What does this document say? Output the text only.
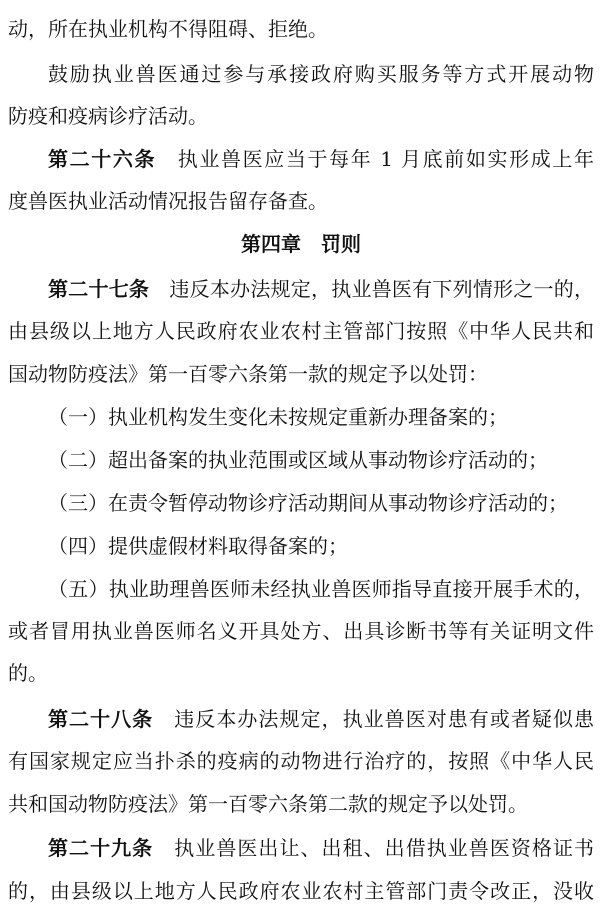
动，所在执业机构不得阻碍、拒绝。
鼓励执业兽医通过参与承接政府购买服务等方式开展动物
防疫和疫病诊疗活动。
第二十六条　 执业兽医应当于每年 1 月底前如实形成上年
度兽医执业活动情况报告留存备查。
第四章　罚则
第二十七条　 违反本办法规定，执业兽医有下列情形之一的，
由县级以上地方人民政府农业农村主管部门按照《中华人民共和
国动物防疫法》第一百零六条第一款的规定予以处罚：
（一）执业机构发生变化未按规定重新办理备案的；
（二）超出备案的执业范围或区域从事动物诊疗活动的；
（三）在责令暂停动物诊疗活动期间从事动物诊疗活动的；
（四）提供虚假材料取得备案的；
（五）执业助理兽医师未经执业兽医师指导直接开展手术的，
或者冒用执业兽医师名义开具处方、出具诊断书等有关证明文件
的。
第二十八条　 违反本办法规定，执业兽医对患有或者疑似患
有国家规定应当扑杀的疫病的动物进行治疗的，按照《中华人民
共和国动物防疫法》第一百零六条第二款的规定予以处罚。
第二十九条　 执业兽医出让、出租、出借执业兽医资格证书
的，由县级以上地方人民政府农业农村主管部门责令改正，没收
